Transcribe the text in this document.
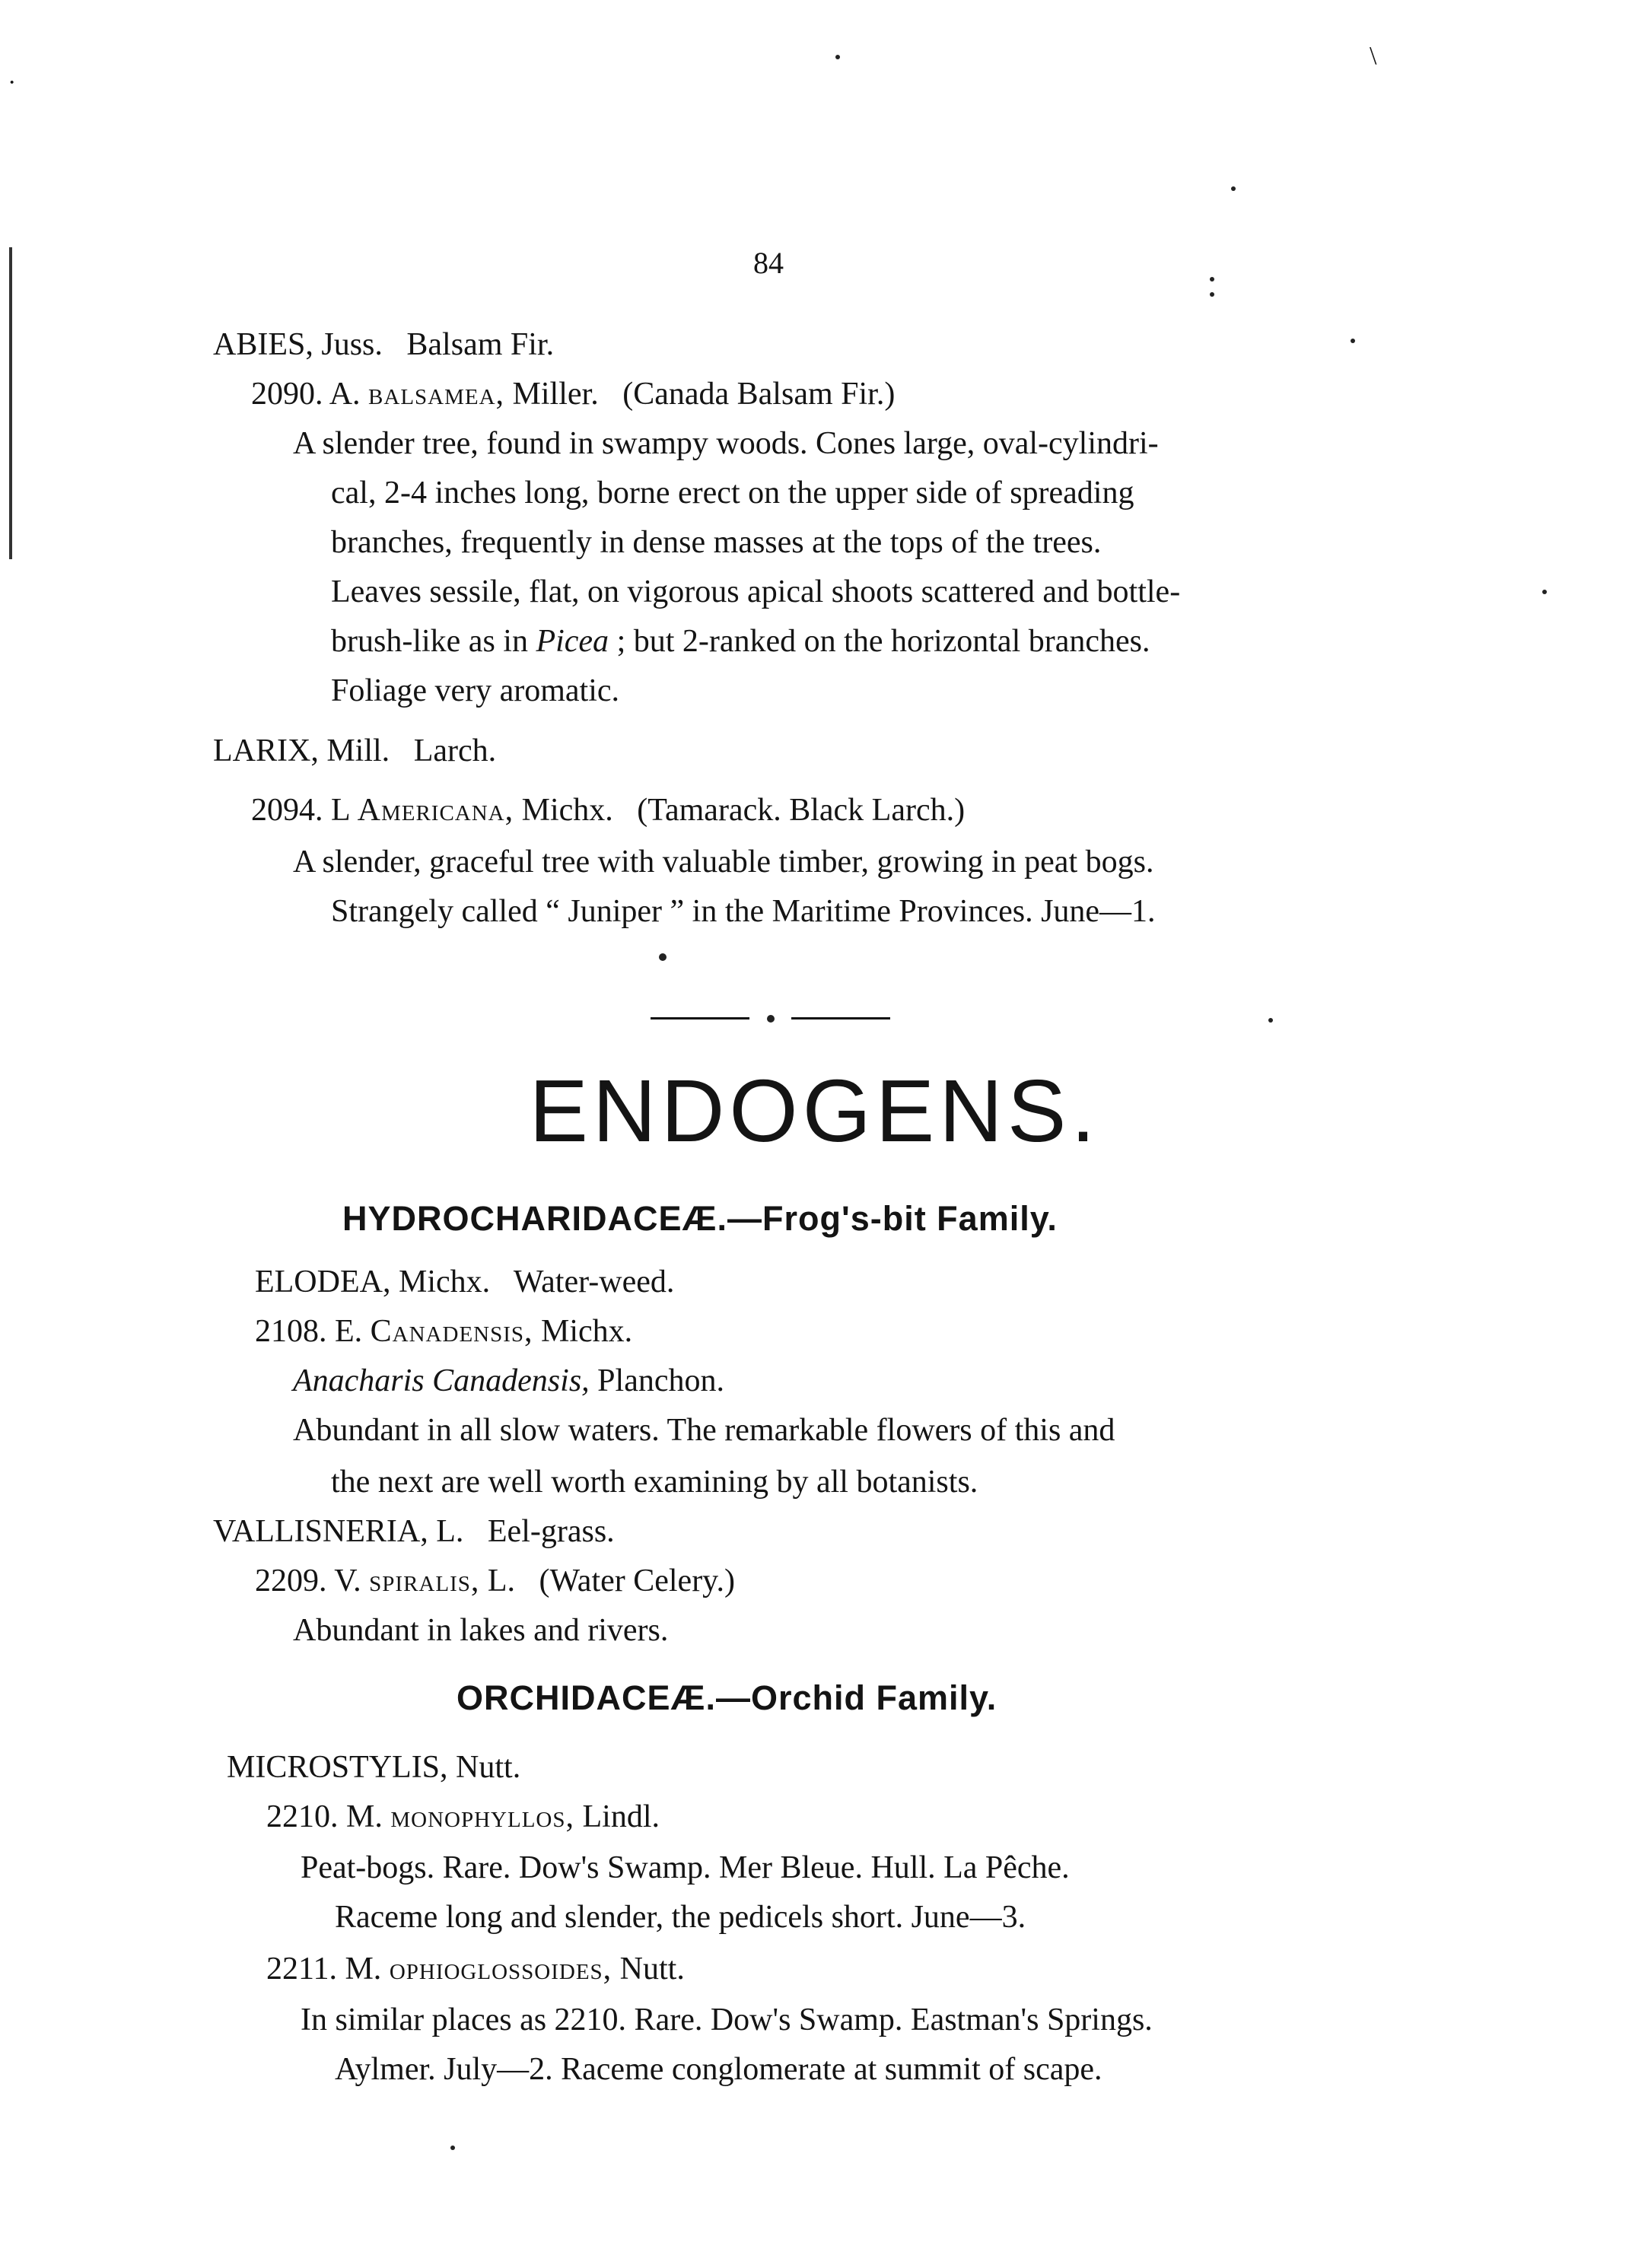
·
\
84
ABIES, Juss. Balsam Fir.
2090. A. balsamea, Miller. (Canada Balsam Fir.)
A slender tree, found in swampy woods. Cones large, oval-cylindri-
cal, 2-4 inches long, borne erect on the upper side of spreading
branches, frequently in dense masses at the tops of the trees.
Leaves sessile, flat, on vigorous apical shoots scattered and bottle-
brush-like as in Picea ; but 2-ranked on the horizontal branches.
Foliage very aromatic.
LARIX, Mill. Larch.
2094. L Americana, Michx. (Tamarack. Black Larch.)
A slender, graceful tree with valuable timber, growing in peat bogs.
Strangely called “ Juniper ” in the Maritime Provinces. June—1.
ENDOGENS.
HYDROCHARIDACEÆ.—Frog's-bit Family.
ELODEA, Michx. Water-weed.
2108. E. Canadensis, Michx.
Anacharis Canadensis, Planchon.
Abundant in all slow waters. The remarkable flowers of this and
the next are well worth examining by all botanists.
VALLISNERIA, L. Eel-grass.
2209. V. spiralis, L. (Water Celery.)
Abundant in lakes and rivers.
ORCHIDACEÆ.—Orchid Family.
MICROSTYLIS, Nutt.
2210. M. monophyllos, Lindl.
Peat-bogs. Rare. Dow's Swamp. Mer Bleue. Hull. La Pêche.
Raceme long and slender, the pedicels short. June—3.
2211. M. ophioglossoides, Nutt.
In similar places as 2210. Rare. Dow's Swamp. Eastman's Springs.
Aylmer. July—2. Raceme conglomerate at summit of scape.
